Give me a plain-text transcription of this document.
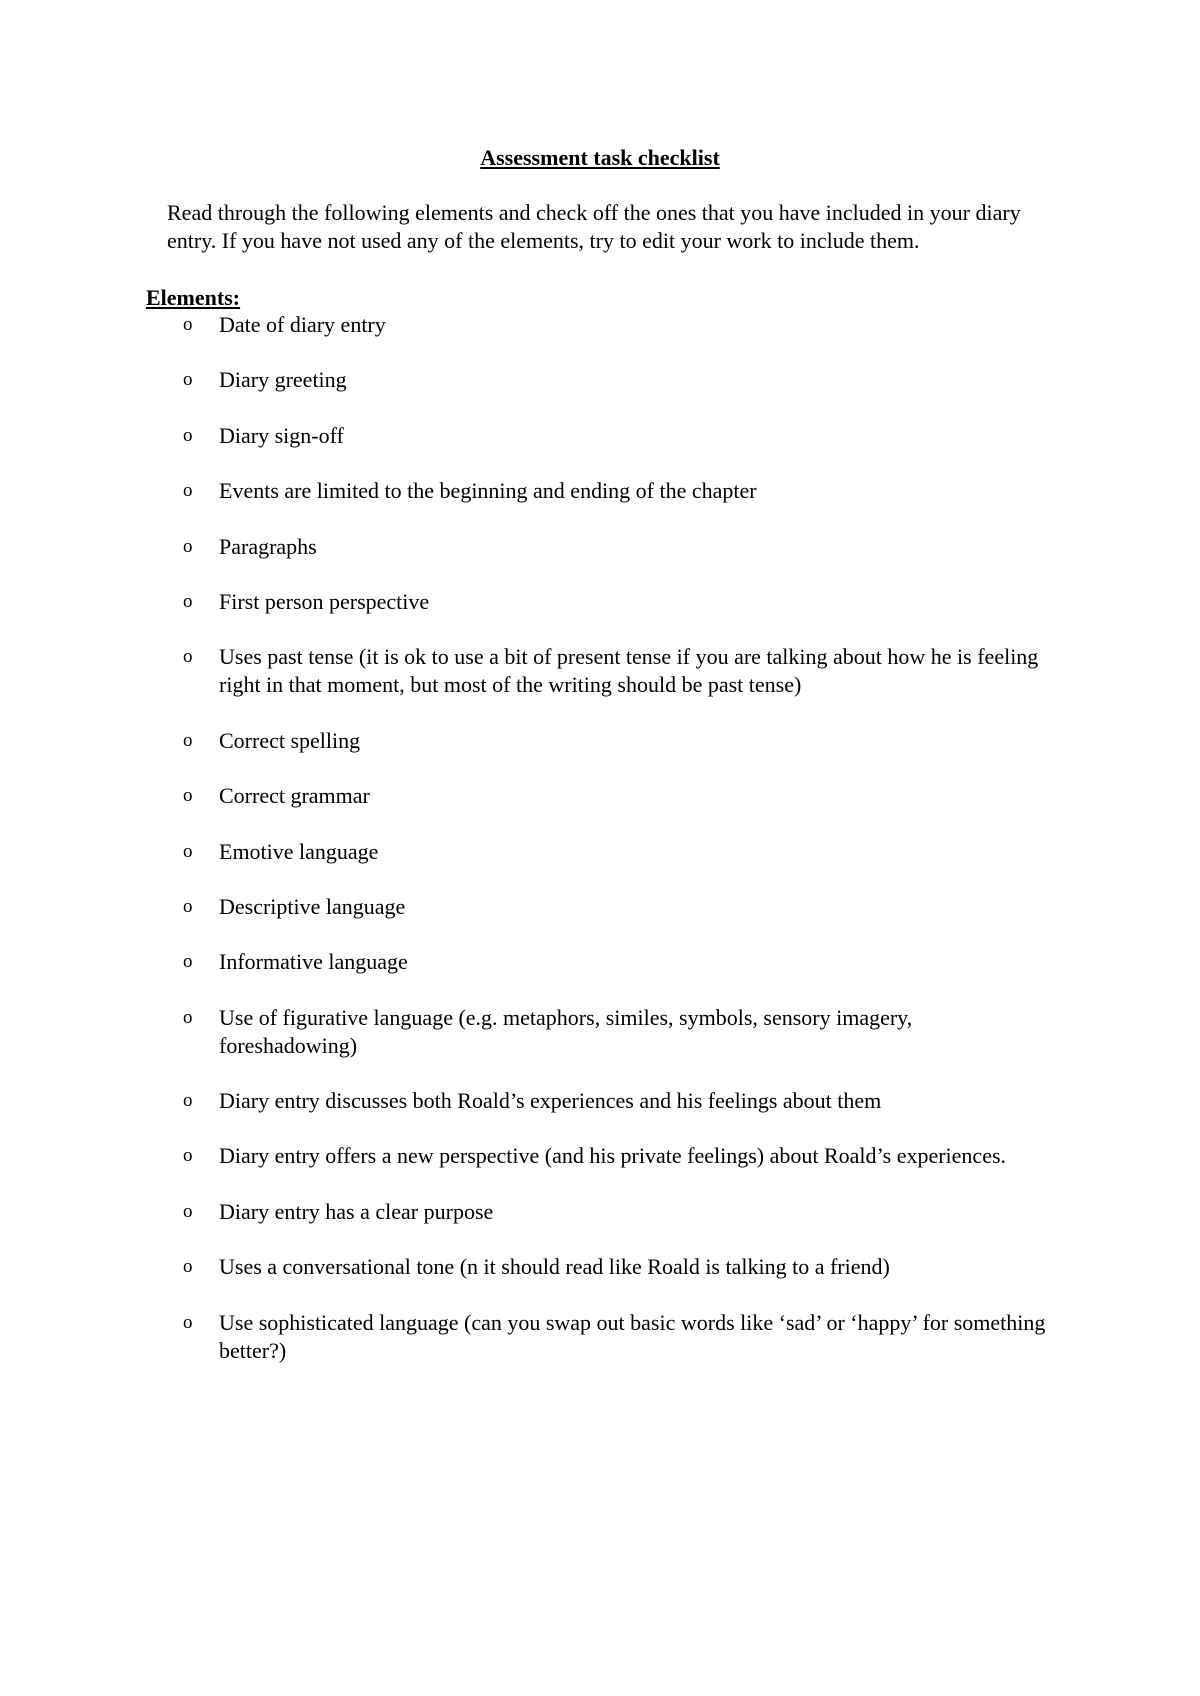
Assessment task checklist
Read through the following elements and check off the ones that you have included in your diary entry. If you have not used any of the elements, try to edit your work to include them.
Elements:
o	Date of diary entry
o	Diary greeting
o	Diary sign-off
o	Events are limited to the beginning and ending of the chapter
o	Paragraphs
o	First person perspective
o	Uses past tense (it is ok to use a bit of present tense if you are talking about how he is feeling right in that moment, but most of the writing should be past tense)
o	Correct spelling
o	Correct grammar
o	Emotive language
o	Descriptive language
o	Informative language
o	Use of figurative language (e.g. metaphors, similes, symbols, sensory imagery, foreshadowing)
o	Diary entry discusses both Roald’s experiences and his feelings about them
o	Diary entry offers a new perspective (and his private feelings) about Roald’s experiences.
o	Diary entry has a clear purpose
o	Uses a conversational tone (n it should read like Roald is talking to a friend)
o	Use sophisticated language (can you swap out basic words like ‘sad’ or ‘happy’ for something better?)
